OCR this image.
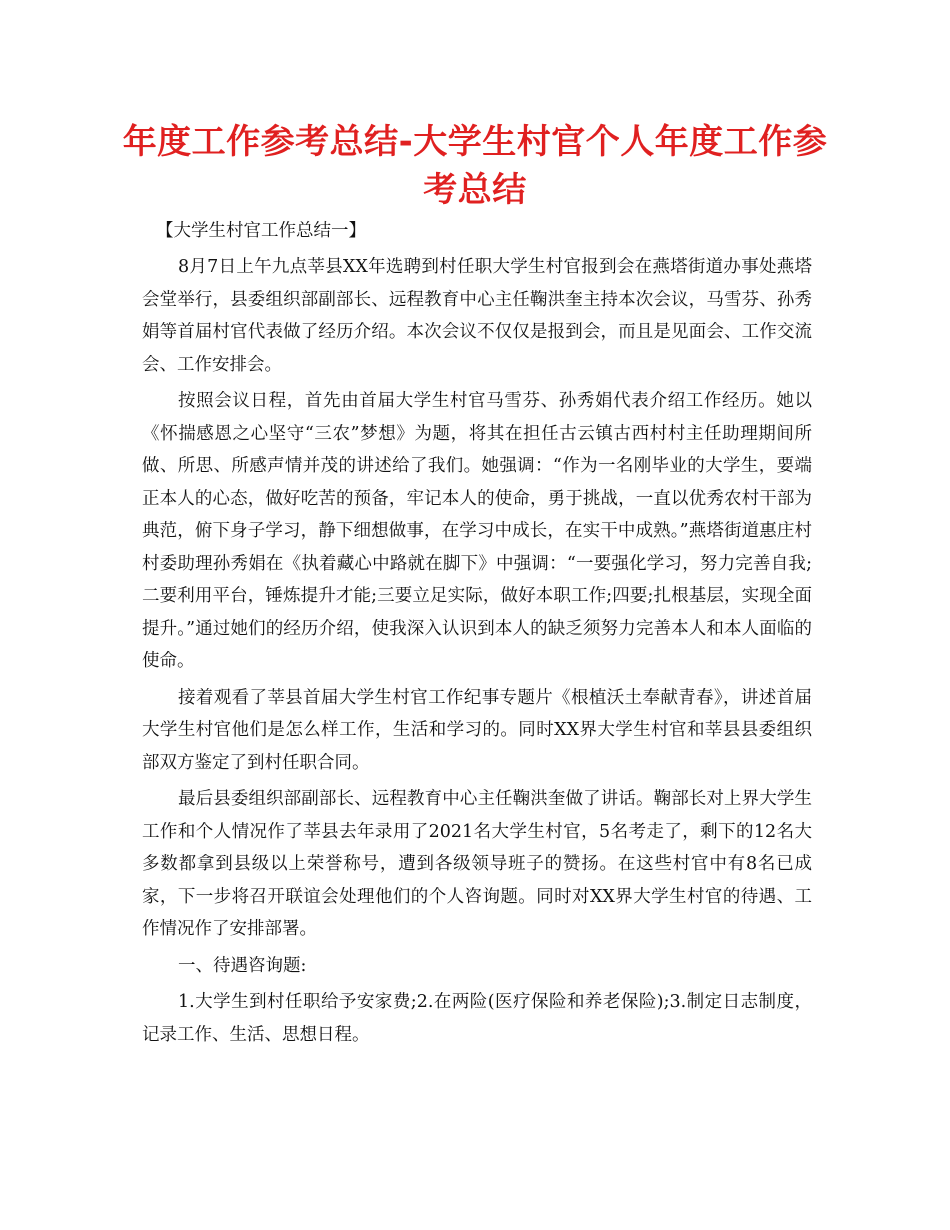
年度工作参考总结-大学生村官个人年度工作参考总结

【大学生村官工作总结一】

8月7日上午九点莘县XX年选聘到村任职大学生村官报到会在燕塔街道办事处燕塔会堂举行，县委组织部副部长、远程教育中心主任鞠洪奎主持本次会议，马雪芬、孙秀娟等首届村官代表做了经历介绍。本次会议不仅仅是报到会，而且是见面会、工作交流会、工作安排会。

按照会议日程，首先由首届大学生村官马雪芬、孙秀娟代表介绍工作经历。她以《怀揣感恩之心坚守“三农”梦想》为题，将其在担任古云镇古西村村主任助理期间所做、所思、所感声情并茂的讲述给了我们。她强调：“作为一名刚毕业的大学生，要端正本人的心态，做好吃苦的预备，牢记本人的使命，勇于挑战，一直以优秀农村干部为典范，俯下身子学习，静下细想做事，在学习中成长，在实干中成熟。”燕塔街道惠庄村村委助理孙秀娟在《执着藏心中路就在脚下》中强调：“一要强化学习，努力完善自我;二要利用平台，锤炼提升才能;三要立足实际，做好本职工作;四要;扎根基层，实现全面提升。”通过她们的经历介绍，使我深入认识到本人的缺乏须努力完善本人和本人面临的使命。

接着观看了莘县首届大学生村官工作纪事专题片《根植沃土奉献青春》，讲述首届大学生村官他们是怎么样工作，生活和学习的。同时XX界大学生村官和莘县县委组织部双方鉴定了到村任职合同。

最后县委组织部副部长、远程教育中心主任鞠洪奎做了讲话。鞠部长对上界大学生工作和个人情况作了莘县去年录用了2021名大学生村官，5名考走了，剩下的12名大多数都拿到县级以上荣誉称号，遭到各级领导班子的赞扬。在这些村官中有8名已成家，下一步将召开联谊会处理他们的个人咨询题。同时对XX界大学生村官的待遇、工作情况作了安排部署。

一、待遇咨询题:

1.大学生到村任职给予安家费;2.在两险(医疗保险和养老保险);3.制定日志制度，记录工作、生活、思想日程。
